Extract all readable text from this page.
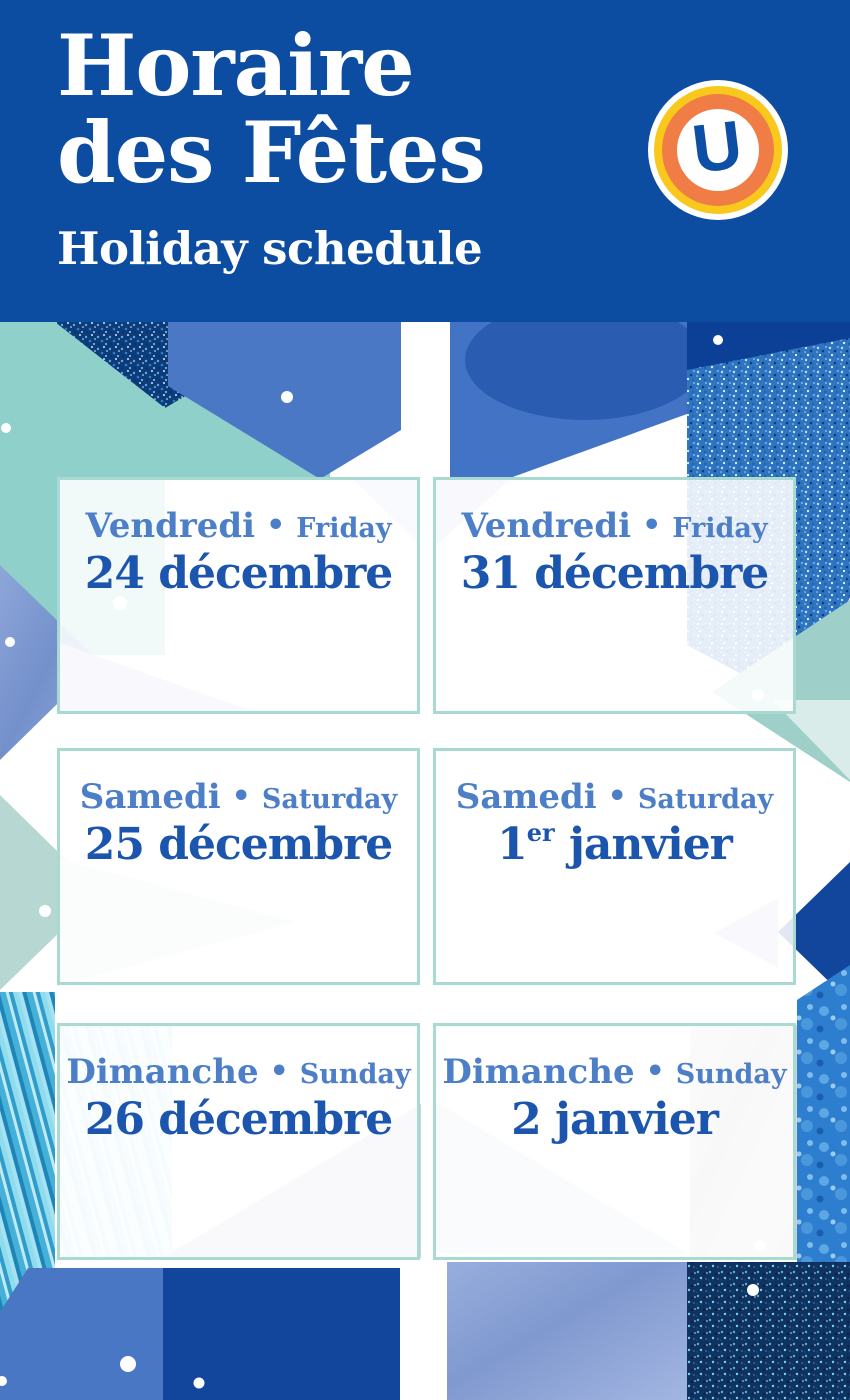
Horaire
des Fêtes
Holiday schedule
U
Vendredi • Friday
24 décembre
Vendredi • Friday
31 décembre
Samedi • Saturday
25 décembre
Samedi • Saturday
1er janvier
Dimanche • Sunday
26 décembre
Dimanche • Sunday
2 janvier
